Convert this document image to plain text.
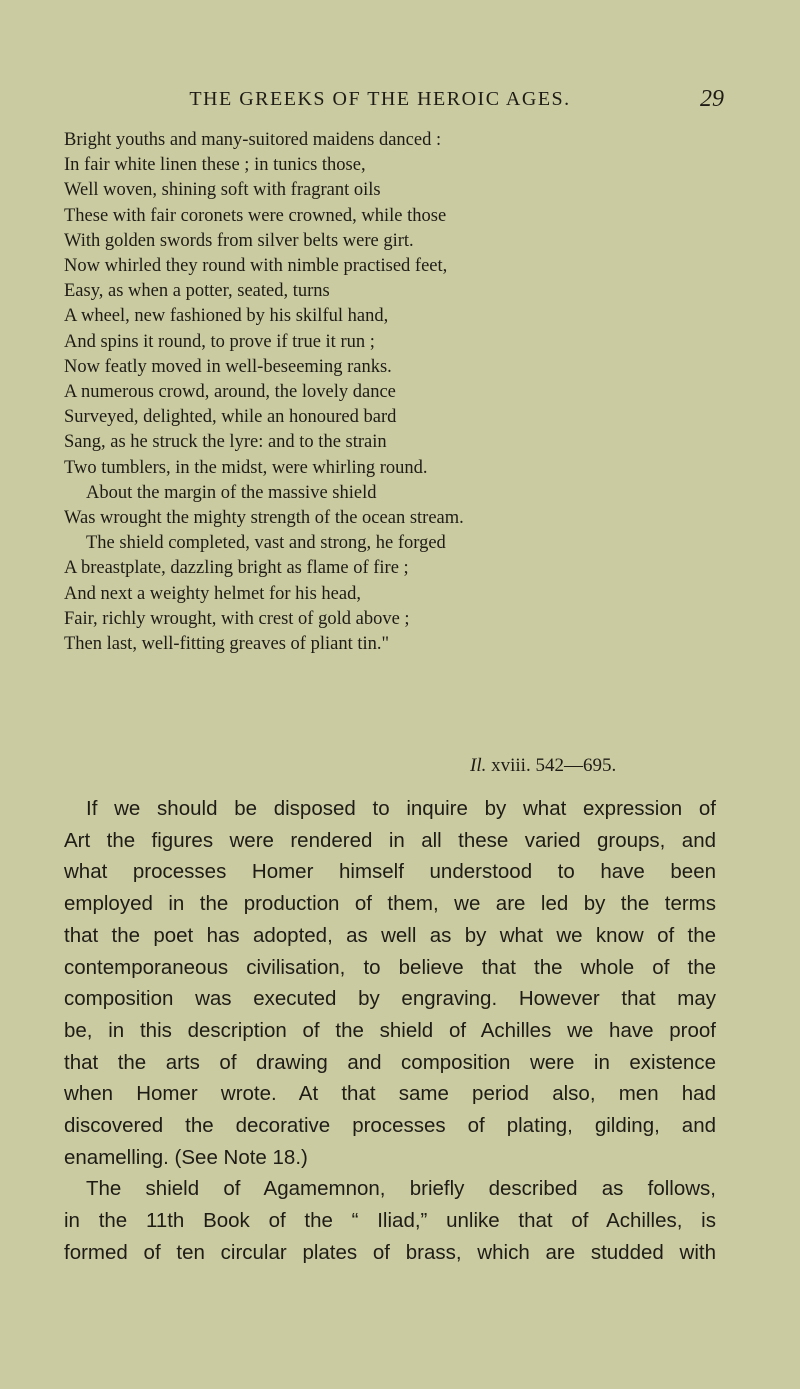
THE GREEKS OF THE HEROIC AGES.	29
Bright youths and many-suitored maidens danced :
In fair white linen these ; in tunics those,
Well woven, shining soft with fragrant oils
These with fair coronets were crowned, while those
With golden swords from silver belts were girt.
Now whirled they round with nimble practised feet,
Easy, as when a potter, seated, turns
A wheel, new fashioned by his skilful hand,
And spins it round, to prove if true it run ;
Now featly moved in well-beseeming ranks.
A numerous crowd, around, the lovely dance
Surveyed, delighted, while an honoured bard
Sang, as he struck the lyre: and to the strain
Two tumblers, in the midst, were whirling round.
About the margin of the massive shield
Was wrought the mighty strength of the ocean stream.
The shield completed, vast and strong, he forged
A breastplate, dazzling bright as flame of fire ;
And next a weighty helmet for his head,
Fair, richly wrought, with crest of gold above ;
Then last, well-fitting greaves of pliant tin."
Il. xviii. 542—695.
If we should be disposed to inquire by what expression of
Art the figures were rendered in all these varied groups, and
what processes Homer himself understood to have been
employed in the production of them, we are led by the terms
that the poet has adopted, as well as by what we know of the
contemporaneous civilisation, to believe that the whole of the
composition was executed by engraving. However that may
be, in this description of the shield of Achilles we have proof
that the arts of drawing and composition were in existence
when Homer wrote. At that same period also, men had
discovered the decorative processes of plating, gilding, and
enamelling. (See Note 18.)
The shield of Agamemnon, briefly described as follows,
in the 11th Book of the “ Iliad,” unlike that of Achilles, is
formed of ten circular plates of brass, which are studded with
